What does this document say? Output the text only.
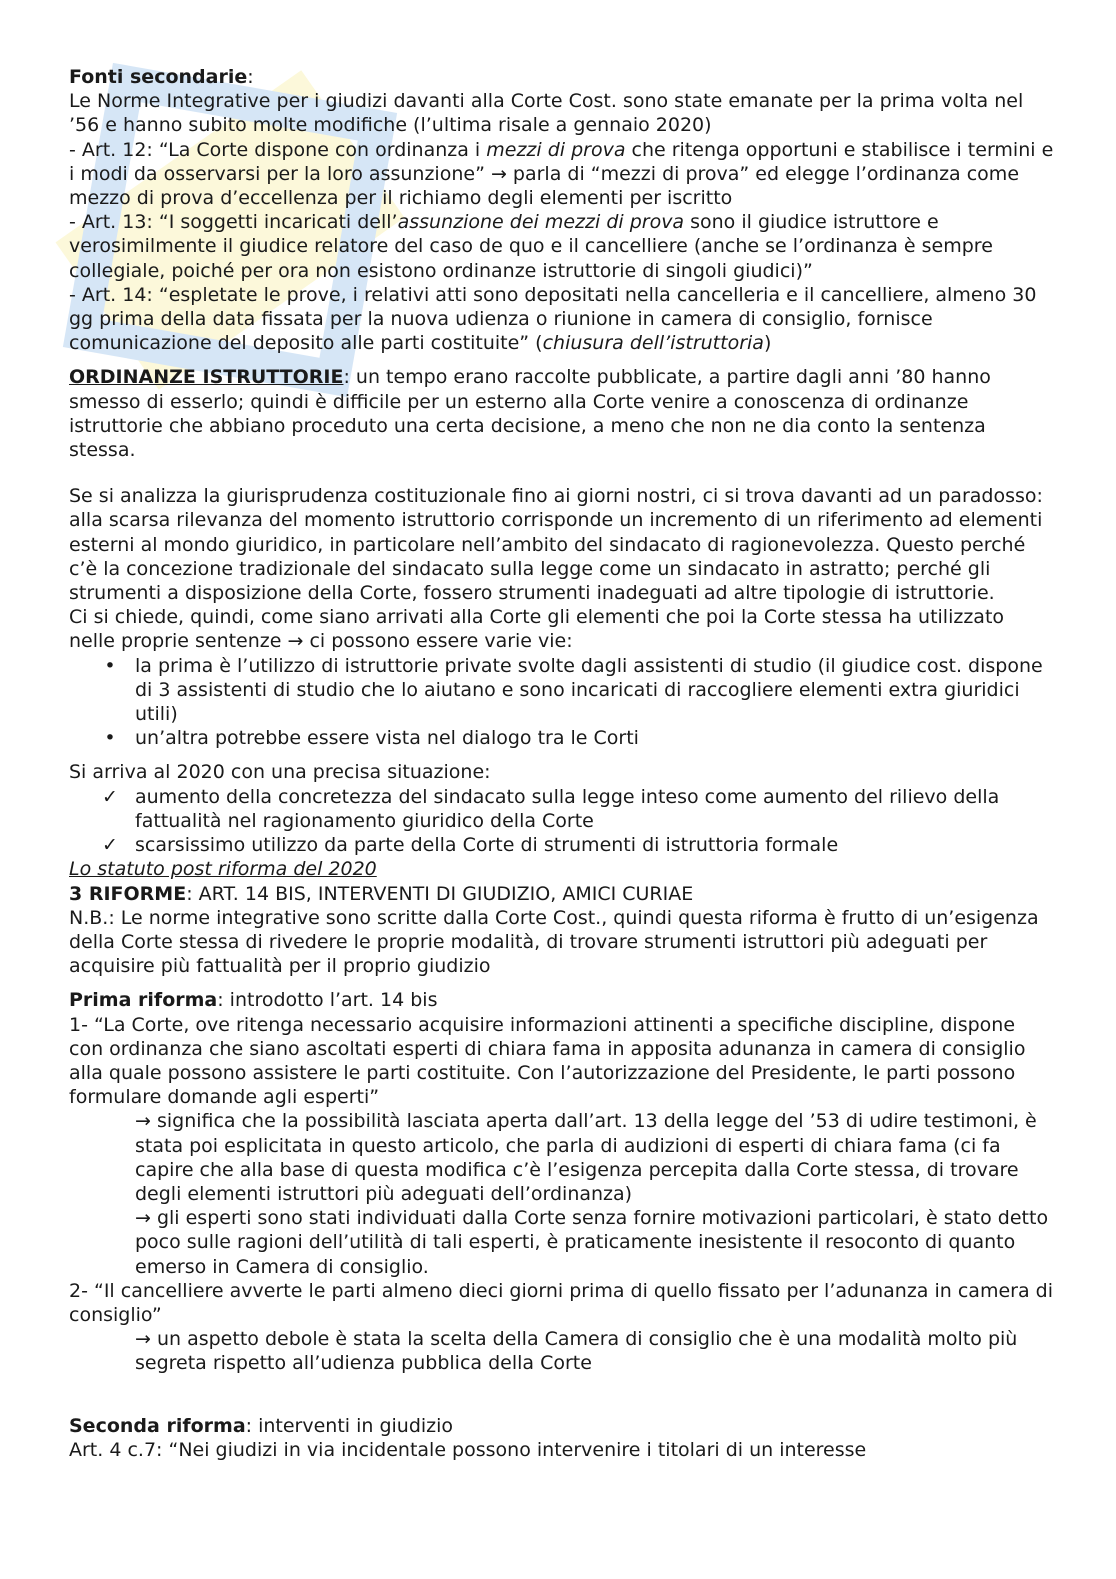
Fonti secondarie:

Le Norme Integrative per i giudizi davanti alla Corte Cost. sono state emanate per la prima volta nel ’56 e hanno subito molte modifiche (l’ultima risale a gennaio 2020)

- Art. 12: “La Corte dispone con ordinanza i mezzi di prova che ritenga opportuni e stabilisce i termini e i modi da osservarsi per la loro assunzione” → parla di “mezzi di prova” ed elegge l’ordinanza come mezzo di prova d’eccellenza per il richiamo degli elementi per iscritto

- Art. 13: “I soggetti incaricati dell’assunzione dei mezzi di prova sono il giudice istruttore e verosimilmente il giudice relatore del caso de quo e il cancelliere (anche se l’ordinanza è sempre collegiale, poiché per ora non esistono ordinanze istruttorie di singoli giudici)”

- Art. 14: “espletate le prove, i relativi atti sono depositati nella cancelleria e il cancelliere, almeno 30 gg prima della data fissata per la nuova udienza o riunione in camera di consiglio, fornisce comunicazione del deposito alle parti costituite” (chiusura dell’istruttoria)

ORDINANZE ISTRUTTORIE: un tempo erano raccolte pubblicate, a partire dagli anni ’80 hanno smesso di esserlo; quindi è difficile per un esterno alla Corte venire a conoscenza di ordinanze istruttorie che abbiano proceduto una certa decisione, a meno che non ne dia conto la sentenza stessa.

Se si analizza la giurisprudenza costituzionale fino ai giorni nostri, ci si trova davanti ad un paradosso: alla scarsa rilevanza del momento istruttorio corrisponde un incremento di un riferimento ad elementi esterni al mondo giuridico, in particolare nell’ambito del sindacato di ragionevolezza. Questo perché c’è la concezione tradizionale del sindacato sulla legge come un sindacato in astratto; perché gli strumenti a disposizione della Corte, fossero strumenti inadeguati ad altre tipologie di istruttorie.

Ci si chiede, quindi, come siano arrivati alla Corte gli elementi che poi la Corte stessa ha utilizzato nelle proprie sentenze → ci possono essere varie vie:

• la prima è l’utilizzo di istruttorie private svolte dagli assistenti di studio (il giudice cost. dispone di 3 assistenti di studio che lo aiutano e sono incaricati di raccogliere elementi extra giuridici utili)
• un’altra potrebbe essere vista nel dialogo tra le Corti

Si arriva al 2020 con una precisa situazione:

✓ aumento della concretezza del sindacato sulla legge inteso come aumento del rilievo della fattualità nel ragionamento giuridico della Corte
✓ scarsissimo utilizzo da parte della Corte di strumenti di istruttoria formale

Lo statuto post riforma del 2020

3 RIFORME: ART. 14 BIS, INTERVENTI DI GIUDIZIO, AMICI CURIAE

N.B.: Le norme integrative sono scritte dalla Corte Cost., quindi questa riforma è frutto di un’esigenza della Corte stessa di rivedere le proprie modalità, di trovare strumenti istruttori più adeguati per acquisire più fattualità per il proprio giudizio

Prima riforma: introdotto l’art. 14 bis

1- “La Corte, ove ritenga necessario acquisire informazioni attinenti a specifiche discipline, dispone con ordinanza che siano ascoltati esperti di chiara fama in apposita adunanza in camera di consiglio alla quale possono assistere le parti costituite. Con l’autorizzazione del Presidente, le parti possono formulare domande agli esperti”

→ significa che la possibilità lasciata aperta dall’art. 13 della legge del ’53 di udire testimoni, è stata poi esplicitata in questo articolo, che parla di audizioni di esperti di chiara fama (ci fa capire che alla base di questa modifica c’è l’esigenza percepita dalla Corte stessa, di trovare degli elementi istruttori più adeguati dell’ordinanza)

→ gli esperti sono stati individuati dalla Corte senza fornire motivazioni particolari, è stato detto poco sulle ragioni dell’utilità di tali esperti, è praticamente inesistente il resoconto di quanto emerso in Camera di consiglio.

2- “Il cancelliere avverte le parti almeno dieci giorni prima di quello fissato per l’adunanza in camera di consiglio”

→ un aspetto debole è stata la scelta della Camera di consiglio che è una modalità molto più segreta rispetto all’udienza pubblica della Corte

Seconda riforma: interventi in giudizio

Art. 4 c.7: “Nei giudizi in via incidentale possono intervenire i titolari di un interesse
